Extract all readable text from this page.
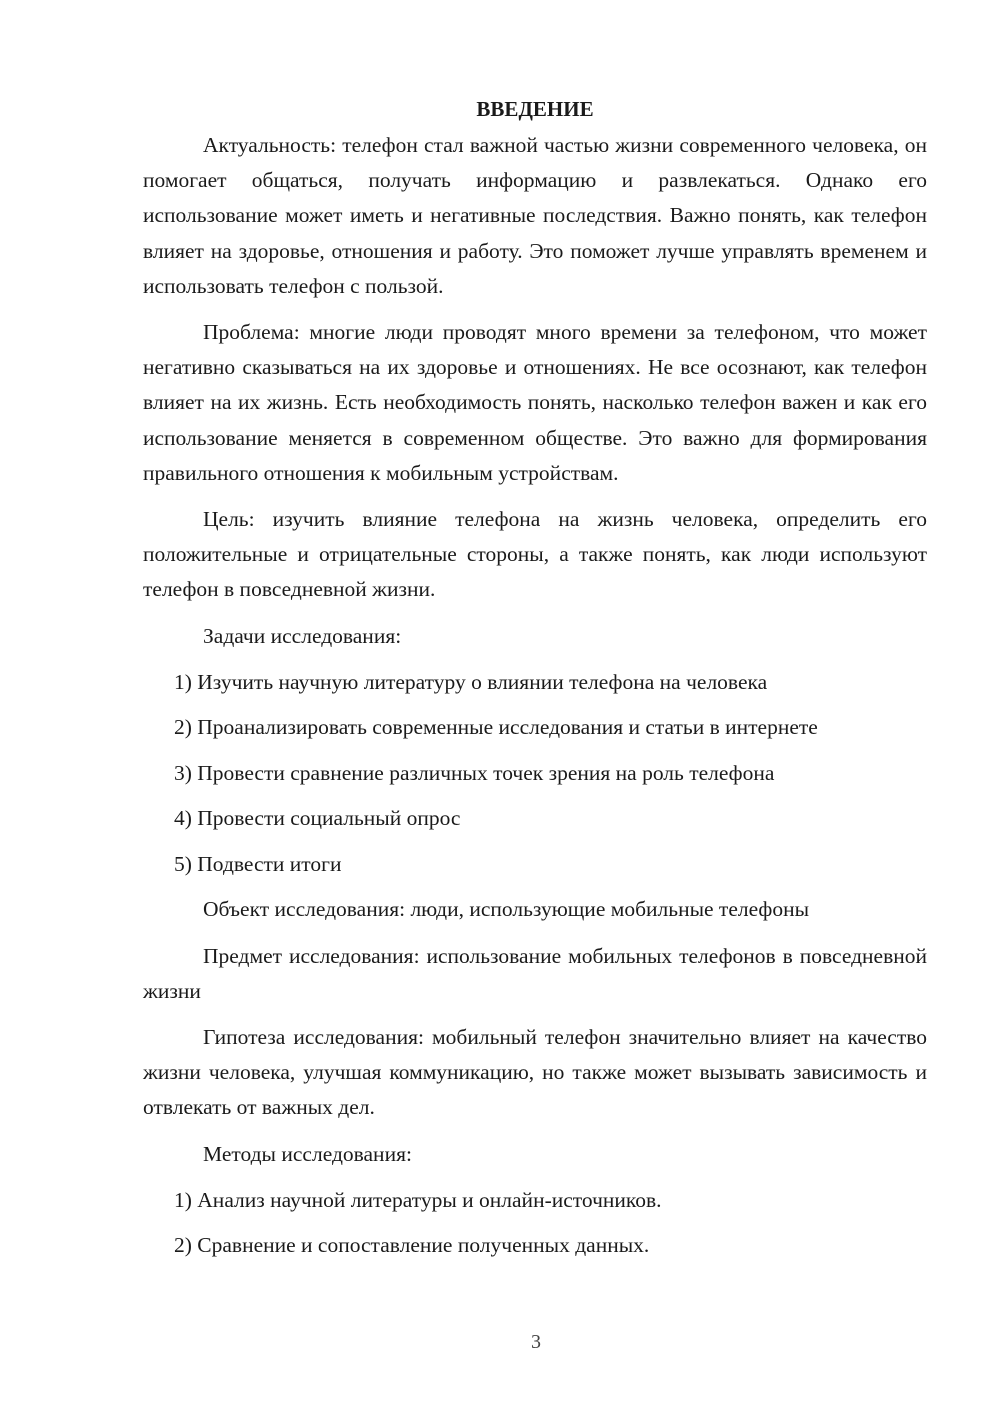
ВВЕДЕНИЕ

Актуальность: телефон стал важной частью жизни современного человека, он помогает общаться, получать информацию и развлекаться. Однако его использование может иметь и негативные последствия. Важно понять, как телефон влияет на здоровье, отношения и работу. Это поможет лучше управлять временем и использовать телефон с пользой.

Проблема: многие люди проводят много времени за телефоном, что может негативно сказываться на их здоровье и отношениях. Не все осознают, как телефон влияет на их жизнь. Есть необходимость понять, насколько телефон важен и как его использование меняется в современном обществе. Это важно для формирования правильного отношения к мобильным устройствам.

Цель: изучить влияние телефона на жизнь человека, определить его положительные и отрицательные стороны, а также понять, как люди используют телефон в повседневной жизни.

Задачи исследования:

1) Изучить научную литературу о влиянии телефона на человека

2) Проанализировать современные исследования и статьи в интернете

3) Провести сравнение различных точек зрения на роль телефона

4) Провести социальный опрос

5) Подвести итоги

Объект исследования: люди, использующие мобильные телефоны

Предмет исследования: использование мобильных телефонов в повседневной жизни

Гипотеза исследования: мобильный телефон значительно влияет на качество жизни человека, улучшая коммуникацию, но также может вызывать зависимость и отвлекать от важных дел.

Методы исследования:

1) Анализ научной литературы и онлайн-источников.

2) Сравнение и сопоставление полученных данных.

3
